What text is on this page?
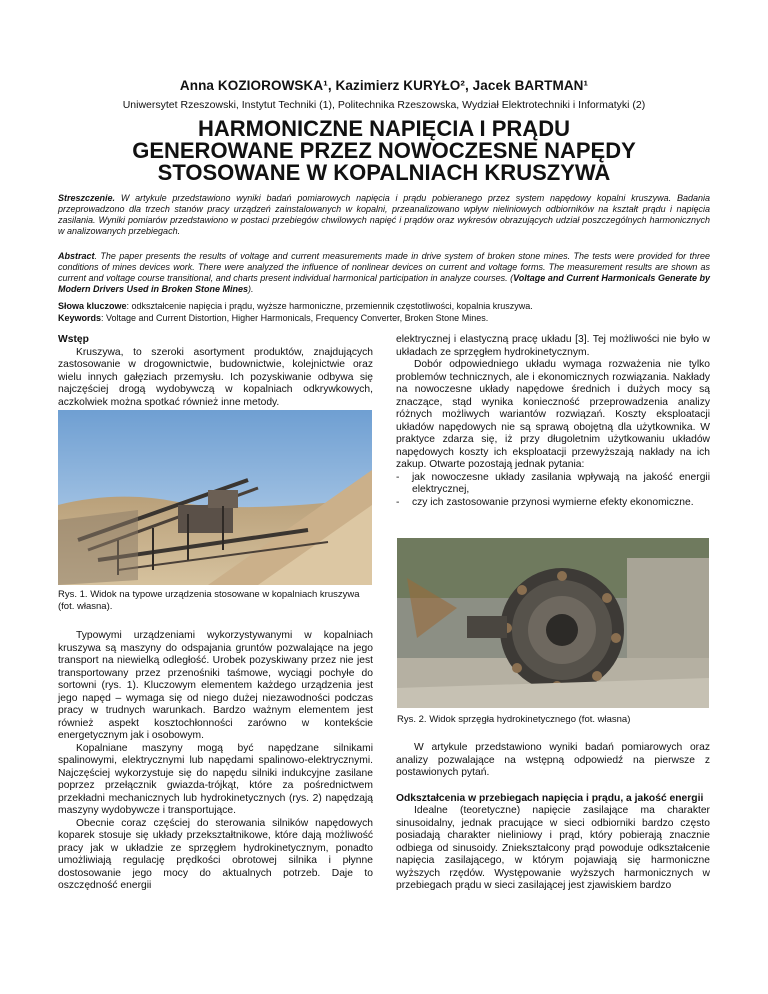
Anna KOZIOROWSKA¹, Kazimierz KURYŁO², Jacek BARTMAN¹
Uniwersytet Rzeszowski, Instytut Techniki (1), Politechnika Rzeszowska, Wydział Elektrotechniki i Informatyki (2)
HARMONICZNE NAPIĘCIA I PRĄDU
GENEROWANE PRZEZ NOWOCZESNE NAPĘDY
STOSOWANE W KOPALNIACH KRUSZYWA
Streszczenie. W artykule przedstawiono wyniki badań pomiarowych napięcia i prądu pobieranego przez system napędowy kopalni kruszywa. Badania przeprowadzono dla trzech stanów pracy urządzeń zainstalowanych w kopalni, przeanalizowano wpływ nieliniowych odbiorników na kształt prądu i napięcia zasilania. Wyniki pomiarów przedstawiono w postaci przebiegów chwilowych napięć i prądów oraz wykresów obrazujących udział poszczególnych harmonicznych w analizowanych przebiegach.
Abstract. The paper presents the results of voltage and current measurements made in drive system of broken stone mines. The tests were provided for three conditions of mines devices work. There were analyzed the influence of nonlinear devices on current and voltage forms. The measurement results are shown as current and voltage course transitional, and charts present individual harmonical participation in analyze courses. (Voltage and Current Harmonicals Generate by Modern Drivers Used in Broken Stone Mines).
Słowa kluczowe: odkształcenie napięcia i prądu, wyższe harmoniczne, przemiennik częstotliwości, kopalnia kruszywa.
Keywords: Voltage and Current Distortion, Higher Harmonicals, Frequency Converter, Broken Stone Mines.

Wstęp

Kruszywa, to szeroki asortyment produktów, znajdujących zastosowanie w drogownictwie, budownictwie, kolejnictwie oraz wielu innych gałęziach przemysłu. Ich pozyskiwanie odbywa się najczęściej drogą wydobywczą w kopalniach odkrywkowych, aczkolwiek można spotkać również inne metody.

Rys. 1. Widok na typowe urządzenia stosowane w kopalniach kruszywa (fot. własna).

Typowymi urządzeniami wykorzystywanymi w kopalniach kruszywa są maszyny do odspajania gruntów pozwalające na jego transport na niewielką odległość. Urobek pozyskiwany przez nie jest transportowany przez przenośniki taśmowe, wyciągi pochyłe do sortowni (rys. 1). Kluczowym elementem każdego urządzenia jest jego napęd – wymaga się od niego dużej niezawodności podczas pracy w trudnych warunkach. Bardzo ważnym elementem jest również aspekt kosztochłonności zarówno w kontekście energetycznym jak i osobowym.

Kopalniane maszyny mogą być napędzane silnikami spalinowymi, elektrycznymi lub napędami spalinowo-elektrycznymi. Najczęściej wykorzystuje się do napędu silniki indukcyjne zasilane poprzez przełącznik gwiazda-trójkąt, które za pośrednictwem przekładni mechanicznych lub hydrokinetycznych (rys. 2) napędzają maszyny wydobywcze i transportujące.

Obecnie coraz częściej do sterowania silników napędowych koparek stosuje się układy przekształtnikowe, które dają możliwość pracy jak w układzie ze sprzęgłem hydrokinetycznym, ponadto umożliwiają regulację prędkości obrotowej silnika i płynne dostosowanie jego mocy do aktualnych potrzeb. Daje to oszczędność energii

elektrycznej i elastyczną pracę układu [3]. Tej możliwości nie było w układach ze sprzęgłem hydrokinetycznym.

Dobór odpowiedniego układu wymaga rozważenia nie tylko problemów technicznych, ale i ekonomicznych rozwiązania. Nakłady na nowoczesne układy napędowe średnich i dużych mocy są znaczące, stąd wynika konieczność przeprowadzenia analizy różnych możliwych wariantów rozwiązań. Koszty eksploatacji układów napędowych nie są sprawą obojętną dla użytkownika. W praktyce zdarza się, iż przy długoletnim użytkowaniu układów napędowych koszty ich eksploatacji przewyższają nakłady na ich zakup. Otwarte pozostają jednak pytania:

-	jak nowoczesne układy zasilania wpływają na jakość energii elektrycznej,
-	czy ich zastosowanie przynosi wymierne efekty ekonomiczne.
Rys. 2. Widok sprzęgła hydrokinetycznego (fot. własna)

W artykule przedstawiono wyniki badań pomiarowych oraz analizy pozwalające na wstępną odpowiedź na pierwsze z postawionych pytań.

Odkształcenia w przebiegach napięcia i prądu, a jakość energii

Idealne (teoretyczne) napięcie zasilające ma charakter sinusoidalny, jednak pracujące w sieci odbiorniki bardzo często posiadają charakter nieliniowy i prąd, który pobierają znacznie odbiega od sinusoidy. Zniekształcony prąd powoduje odkształcenie napięcia zasilającego, w którym pojawiają się harmoniczne wyższych rzędów. Występowanie wyższych harmonicznych w przebiegach prądu w sieci zasilającej jest zjawiskiem bardzo
